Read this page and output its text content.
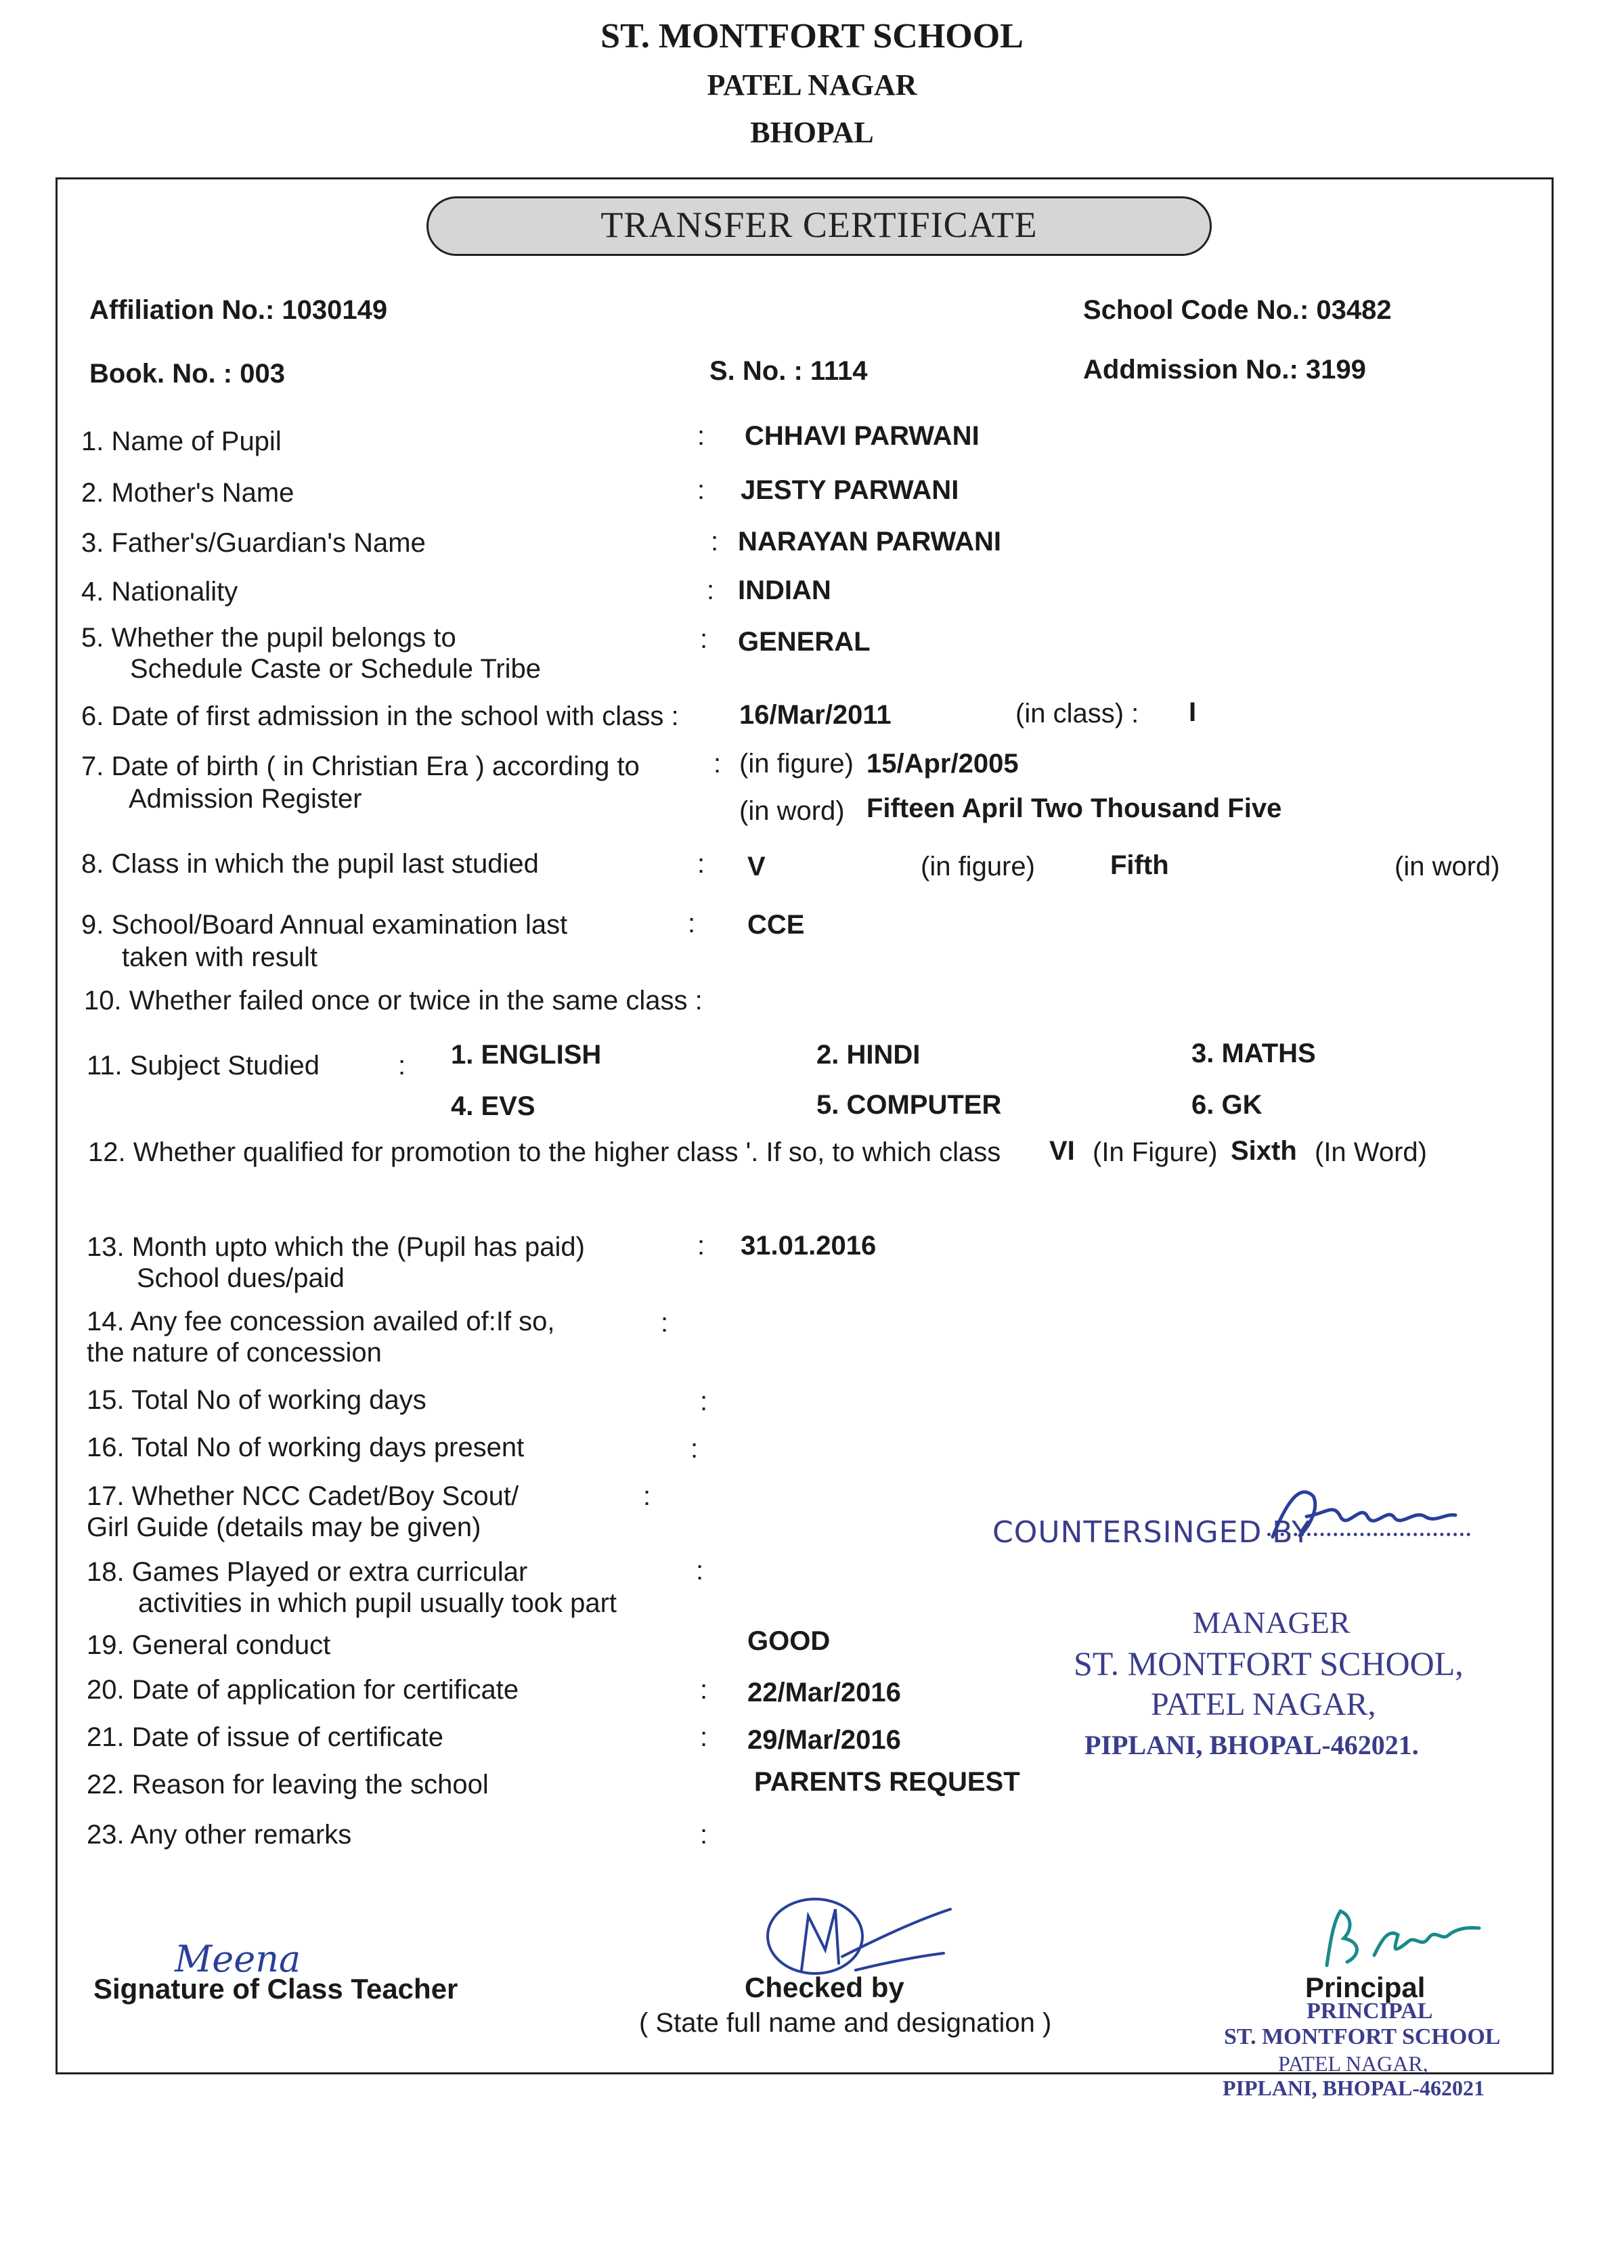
ST. MONTFORT SCHOOL
PATEL NAGAR
BHOPAL
TRANSFER CERTIFICATE
Affiliation No.: 1030149	School Code No.: 03482
Book. No. : 003	S. No. : 1114	Addmission No.: 3199
1. Name of Pupil	: CHHAVI PARWANI
2. Mother's Name	: JESTY PARWANI
3. Father's/Guardian's Name	: NARAYAN PARWANI
4. Nationality	: INDIAN
5. Whether the pupil belongs to
Schedule Caste or Schedule Tribe
: GENERAL
6. Date of first admission in the school with class : 16/Mar/2011	(in class) : I
7. Date of birth ( in Christian Era ) according to
Admission Register
: (in figure) 15/Apr/2005
(in word) Fifteen April Two Thousand Five
8. Class in which the pupil last studied	: V	(in figure)	Fifth	(in word)
9. School/Board Annual examination last
taken with result
: CCE
10. Whether failed once or twice in the same class :
11. Subject Studied	: 1. ENGLISH	2. HINDI	3. MATHS
4. EVS	5. COMPUTER	6. GK
12. Whether qualified for promotion to the higher class '. If so, to which class VI (In Figure) Sixth (In Word)
13. Month upto which the (Pupil has paid)
School dues/paid
: 31.01.2016
14. Any fee concession availed of:If so,
the nature of concession
:
15. Total No of working days	:
16. Total No of working days present	:
17. Whether NCC Cadet/Boy Scout/
Girl Guide (details may be given)
:
18. Games Played or extra curricular
activities in which pupil usually took part
:
19. General conduct	GOOD
20. Date of application for certificate	: 22/Mar/2016
21. Date of issue of certificate	: 29/Mar/2016
22. Reason for leaving the school	PARENTS REQUEST
23. Any other remarks	:
COUNTERSINGED BY
MANAGER
ST. MONTFORT SCHOOL,
PATEL NAGAR,
PIPLANI, BHOPAL-462021.
Meena
Signature of Class Teacher	Checked by
( State full name and designation )
Principal
PRINCIPAL
ST. MONTFORT SCHOOL
PATEL NAGAR,
PIPLANI, BHOPAL-462021
